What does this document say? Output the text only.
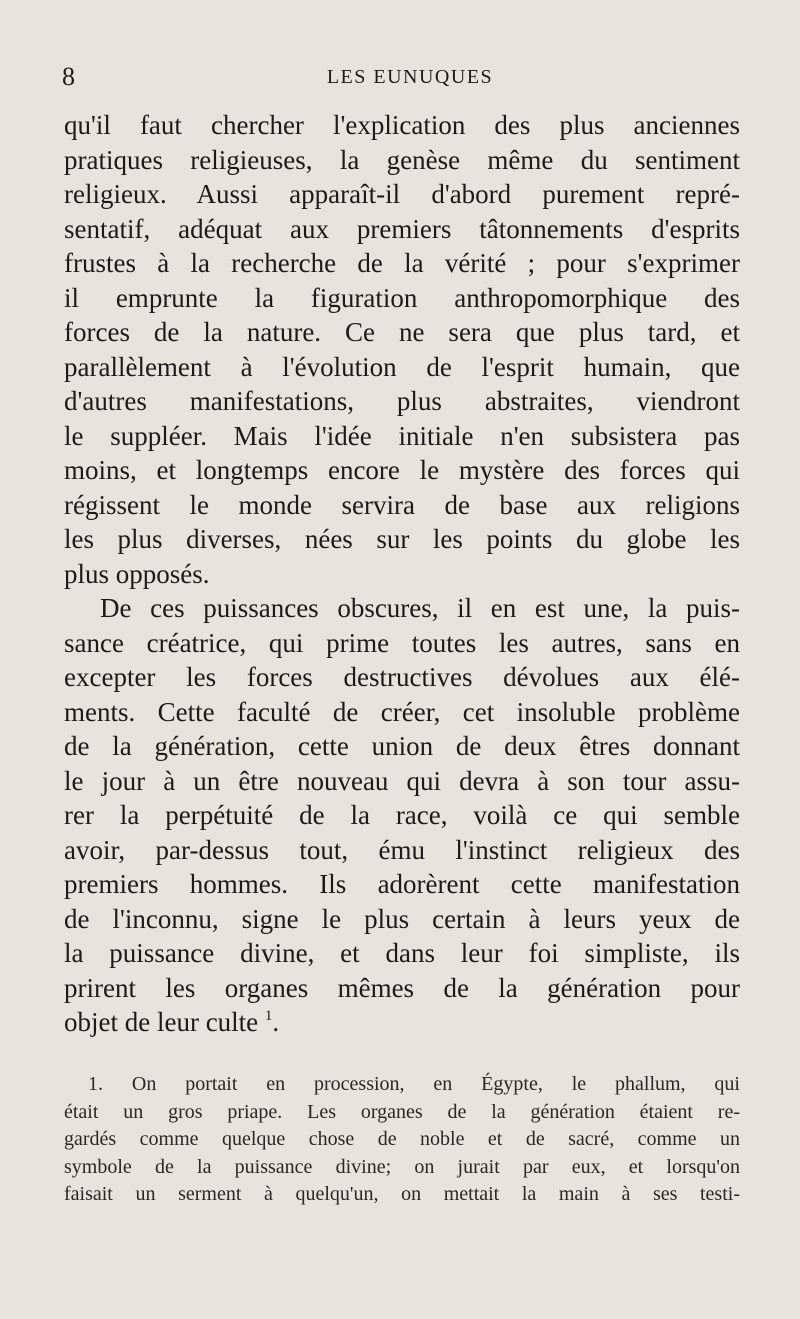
8	LES EUNUQUES
qu'il faut chercher l'explication des plus anciennes
pratiques religieuses, la genèse même du sentiment
religieux. Aussi apparaît-il d'abord purement repré-
sentatif, adéquat aux premiers tâtonnements d'esprits
frustes à la recherche de la vérité ; pour s'exprimer
il emprunte la figuration anthropomorphique des
forces de la nature. Ce ne sera que plus tard, et
parallèlement à l'évolution de l'esprit humain, que
d'autres manifestations, plus abstraites, viendront
le suppléer. Mais l'idée initiale n'en subsistera pas
moins, et longtemps encore le mystère des forces qui
régissent le monde servira de base aux religions
les plus diverses, nées sur les points du globe les
plus opposés.
De ces puissances obscures, il en est une, la puis-
sance créatrice, qui prime toutes les autres, sans en
excepter les forces destructives dévolues aux élé-
ments. Cette faculté de créer, cet insoluble problème
de la génération, cette union de deux êtres donnant
le jour à un être nouveau qui devra à son tour assu-
rer la perpétuité de la race, voilà ce qui semble
avoir, par-dessus tout, ému l'instinct religieux des
premiers hommes. Ils adorèrent cette manifestation
de l'inconnu, signe le plus certain à leurs yeux de
la puissance divine, et dans leur foi simpliste, ils
prirent les organes mêmes de la génération pour
objet de leur culte $^1$.
1. On portait en procession, en Égypte, le phallum, qui
était un gros priape. Les organes de la génération étaient re-
gardés comme quelque chose de noble et de sacré, comme un
symbole de la puissance divine; on jurait par eux, et lorsqu'on
faisait un serment à quelqu'un, on mettait la main à ses testi-
